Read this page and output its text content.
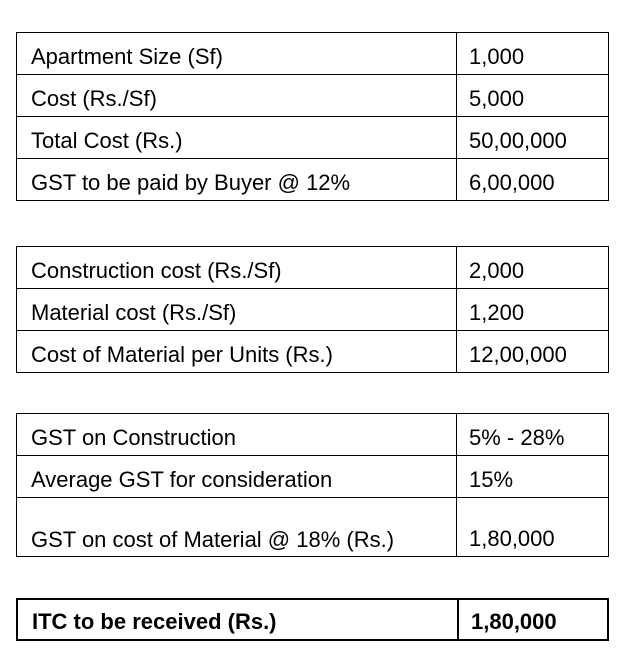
Apartment Size (Sf)	1,000
Cost (Rs./Sf)	5,000
Total Cost (Rs.)	50,00,000
GST to be paid by Buyer @ 12%	6,00,000
Construction cost (Rs./Sf)	2,000
Material cost (Rs./Sf)	1,200
Cost of Material per Units (Rs.)	12,00,000
GST on Construction	5% - 28%
Average GST for consideration	15%
GST on cost of Material @ 18% (Rs.)	1,80,000
ITC to be received (Rs.)	1,80,000
